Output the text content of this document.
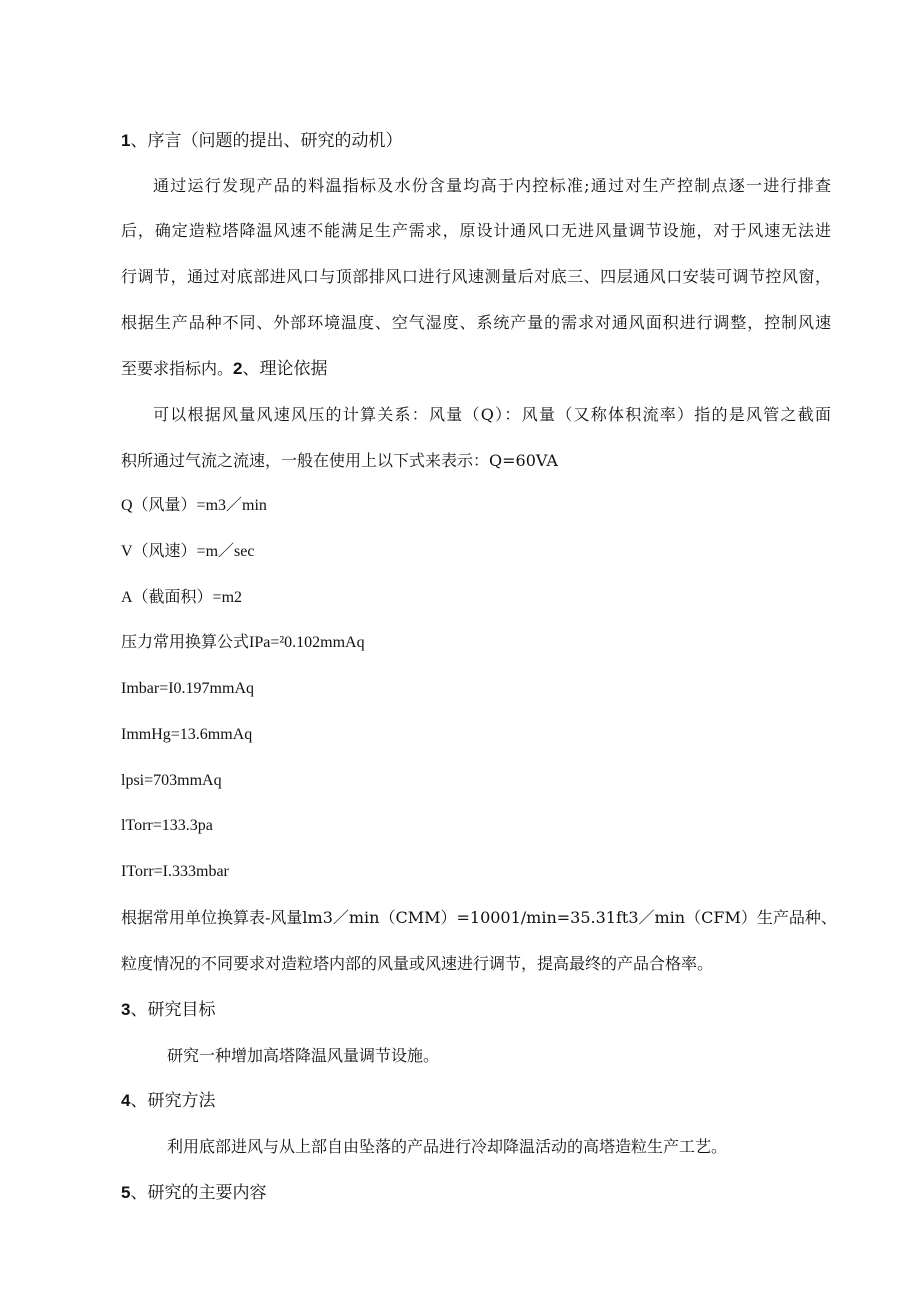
1、序言（问题的提出、研究的动机）
通过运行发现产品的料温指标及水份含量均高于内控标准;通过对生产控制点逐一进行排查
后，确定造粒塔降温风速不能满足生产需求，原设计通风口无进风量调节设施，对于风速无法进
行调节，通过对底部进风口与顶部排风口进行风速测量后对底三、四层通风口安装可调节控风窗，
根据生产品种不同、外部环境温度、空气湿度、系统产量的需求对通风面积进行调整，控制风速
至要求指标内。2、理论依据
可以根据风量风速风压的计算关系：风量（Q）：风量（又称体积流率）指的是风管之截面
积所通过气流之流速，一般在使用上以下式来表示：Q=60VA
Q（风量）=m3／min
V（风速）=m／sec
A（截面积）=m2
压力常用换算公式IPa=²0.102mmAq
Imbar=I0.197mmAq
ImmHg=13.6mmAq
lpsi=703mmAq
lTorr=133.3pa
ITorr=I.333mbar
根据常用单位换算表-风量lm3／min（CMM）=10001/min=35.31ft3／min（CFM）生产品种、
粒度情况的不同要求对造粒塔内部的风量或风速进行调节，提高最终的产品合格率。
3、研究目标
研究一种增加高塔降温风量调节设施。
4、研究方法
利用底部进风与从上部自由坠落的产品进行冷却降温活动的高塔造粒生产工艺。
5、研究的主要内容
